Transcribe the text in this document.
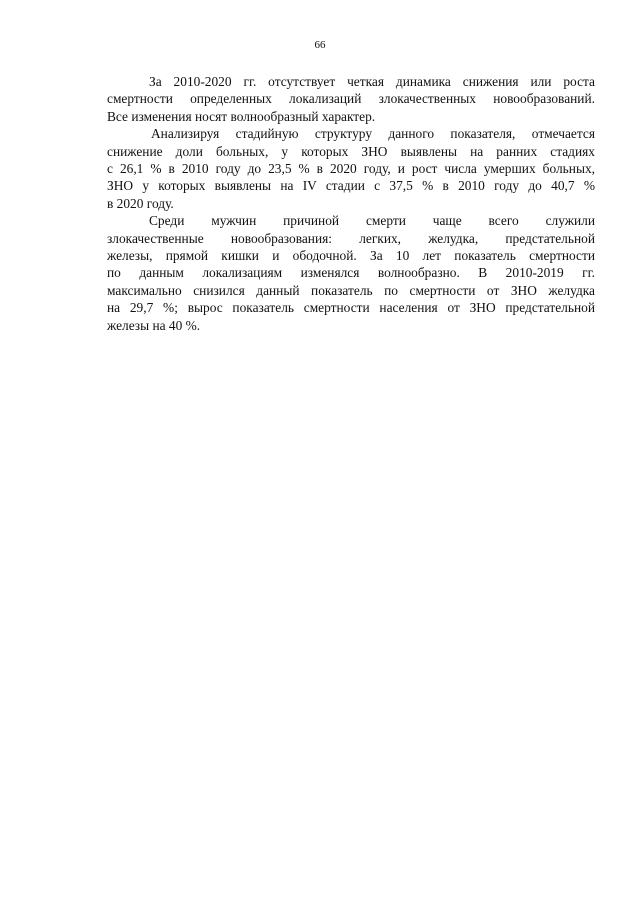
66

За 2010-2020 гг. отсутствует четкая динамика снижения или роста
смертности определенных локализаций злокачественных новообразований.
Все изменения носят волнообразный характер.

Анализируя стадийную структуру данного показателя, отмечается
снижение доли больных, у которых ЗНО выявлены на ранних стадиях
с 26,1 % в 2010 году до 23,5 % в 2020 году, и рост числа умерших больных,
ЗНО у которых выявлены на IV стадии с 37,5 % в 2010 году до 40,7 %
в 2020 году.

Среди мужчин причиной смерти чаще всего служили
злокачественные новообразования: легких, желудка, предстательной
железы, прямой кишки и ободочной. За 10 лет показатель смертности
по данным локализациям изменялся волнообразно. В 2010-2019 гг.
максимально снизился данный показатель по смертности от ЗНО желудка
на 29,7 %; вырос показатель смертности населения от ЗНО предстательной
железы на 40 %.
